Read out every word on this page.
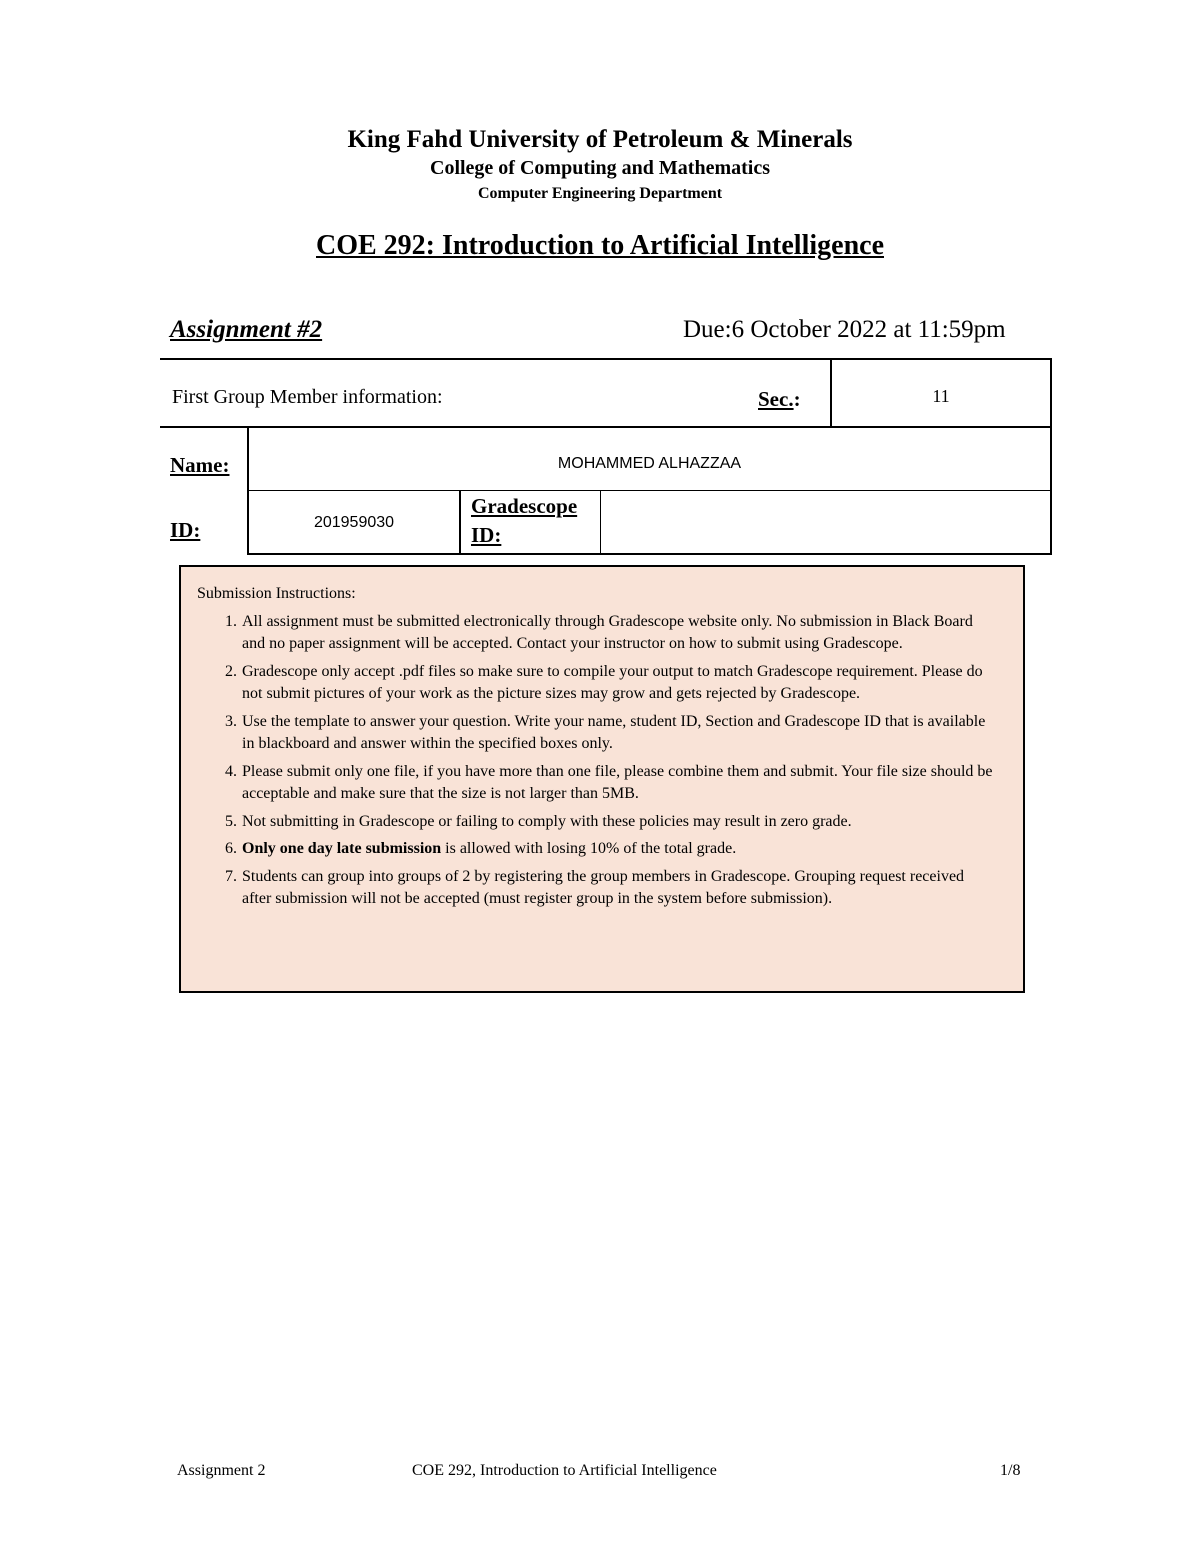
King Fahd University of Petroleum & Minerals
College of Computing and Mathematics
Computer Engineering Department
COE 292: Introduction to Artificial Intelligence
Assignment #2	Due:6 October 2022 at 11:59pm
First Group Member information:	Sec.:	11
Name:	MOHAMMED ALHAZZAA
ID:	201959030
Gradescope
ID:
Submission Instructions:
1. All assignment must be submitted electronically through Gradescope website only. No submission in Black Board and no paper assignment will be accepted. Contact your instructor on how to submit using Gradescope.
2. Gradescope only accept .pdf files so make sure to compile your output to match Gradescope requirement. Please do not submit pictures of your work as the picture sizes may grow and gets rejected by Gradescope.
3. Use the template to answer your question. Write your name, student ID, Section and Gradescope ID that is available in blackboard and answer within the specified boxes only.
4. Please submit only one file, if you have more than one file, please combine them and submit. Your file size should be acceptable and make sure that the size is not larger than 5MB.
5. Not submitting in Gradescope or failing to comply with these policies may result in zero grade.
6. Only one day late submission is allowed with losing 10% of the total grade.
7. Students can group into groups of 2 by registering the group members in Gradescope. Grouping request received after submission will not be accepted (must register group in the system before submission).
Assignment 2	COE 292, Introduction to Artificial Intelligence	1/8
